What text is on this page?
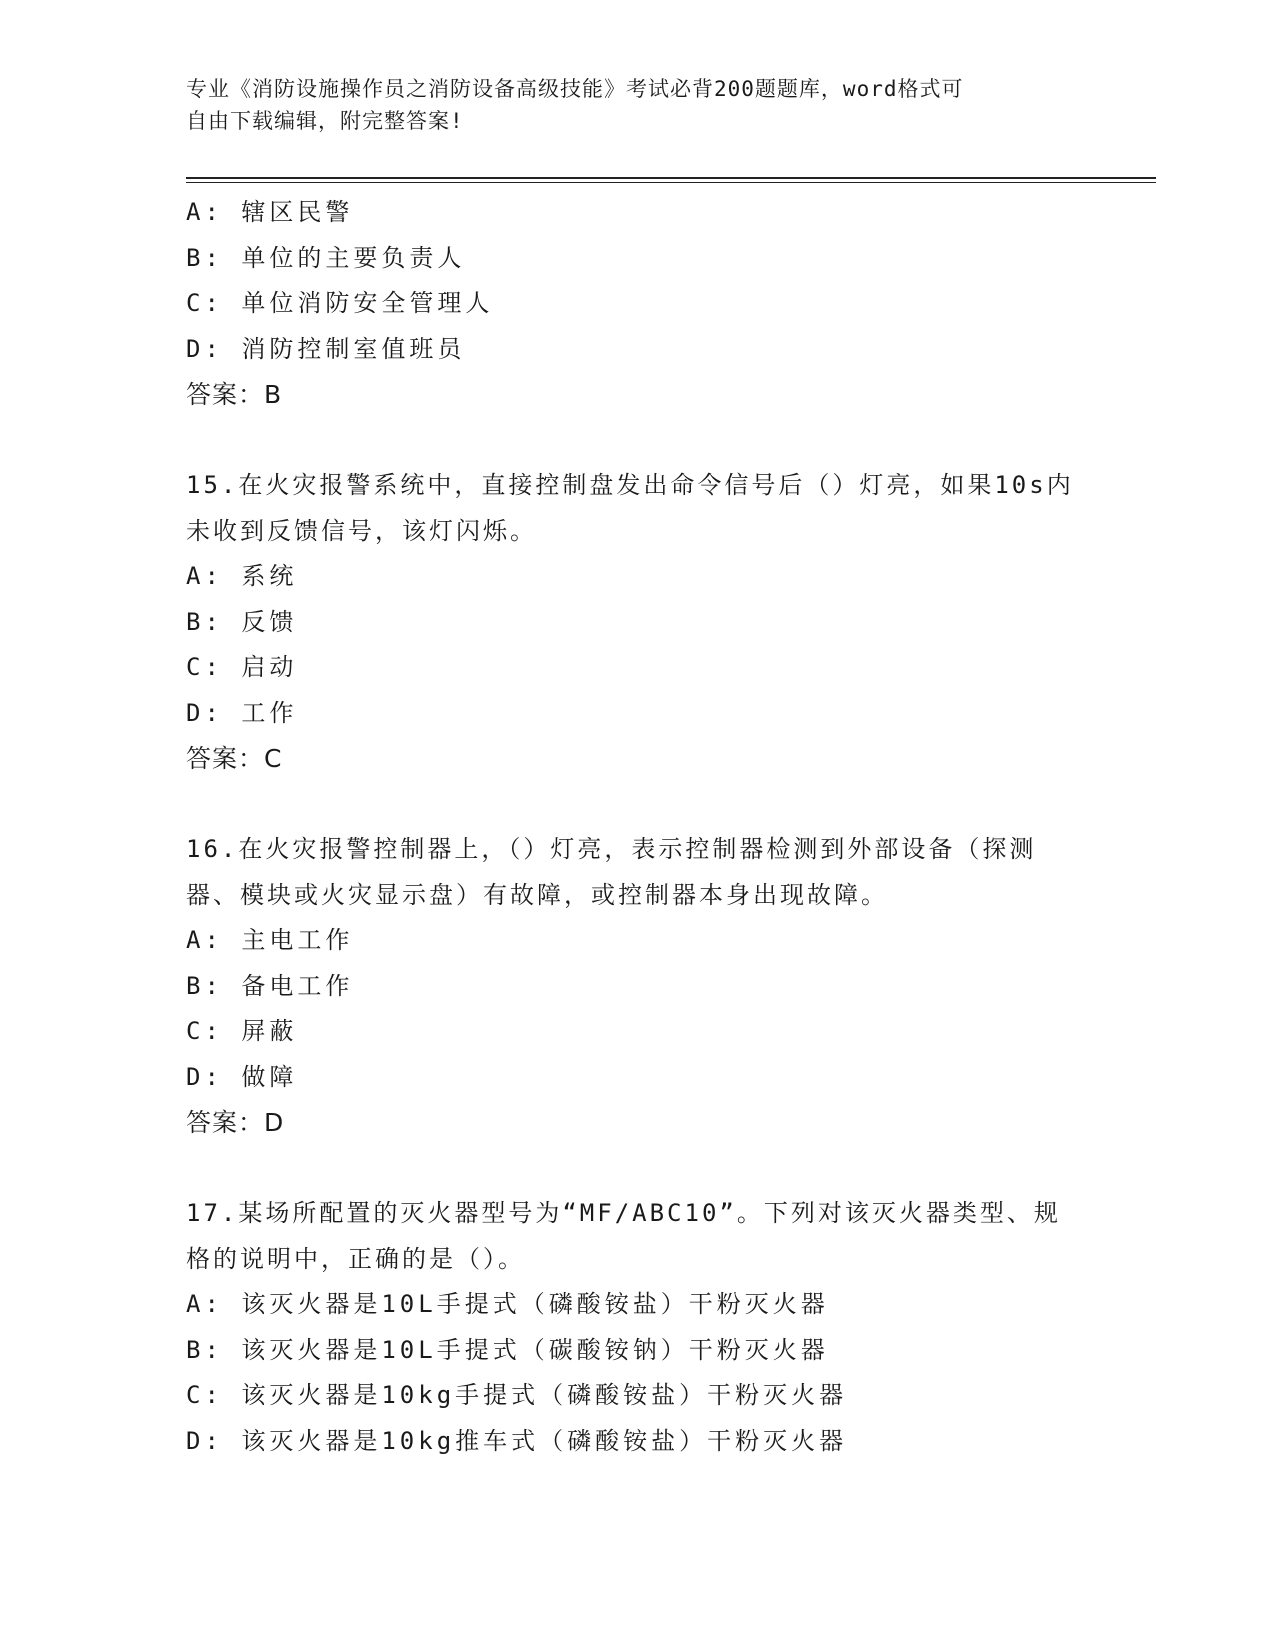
专业《消防设施操作员之消防设备高级技能》考试必背200题题库，word格式可
自由下载编辑，附完整答案!
A: 辖区民警
B: 单位的主要负责人
C: 单位消防安全管理人
D: 消防控制室值班员
答案：B
15.在火灾报警系统中，直接控制盘发出命令信号后（）灯亮，如果10s内未收到反馈信号，该灯闪烁。
A: 系统
B: 反馈
C: 启动
D: 工作
答案：C
16.在火灾报警控制器上，（）灯亮，表示控制器检测到外部设备（探测器、模块或火灾显示盘）有故障，或控制器本身出现故障。
A: 主电工作
B: 备电工作
C: 屏蔽
D: 做障
答案：D
17.某场所配置的灭火器型号为“MF/ABC10”。下列对该灭火器类型、规格的说明中，正确的是（）。
A: 该灭火器是10L手提式（磷酸铵盐）干粉灭火器
B: 该灭火器是10L手提式（碳酸铵钠）干粉灭火器
C: 该灭火器是10kg手提式（磷酸铵盐）干粉灭火器
D: 该灭火器是10kg推车式（磷酸铵盐）干粉灭火器
